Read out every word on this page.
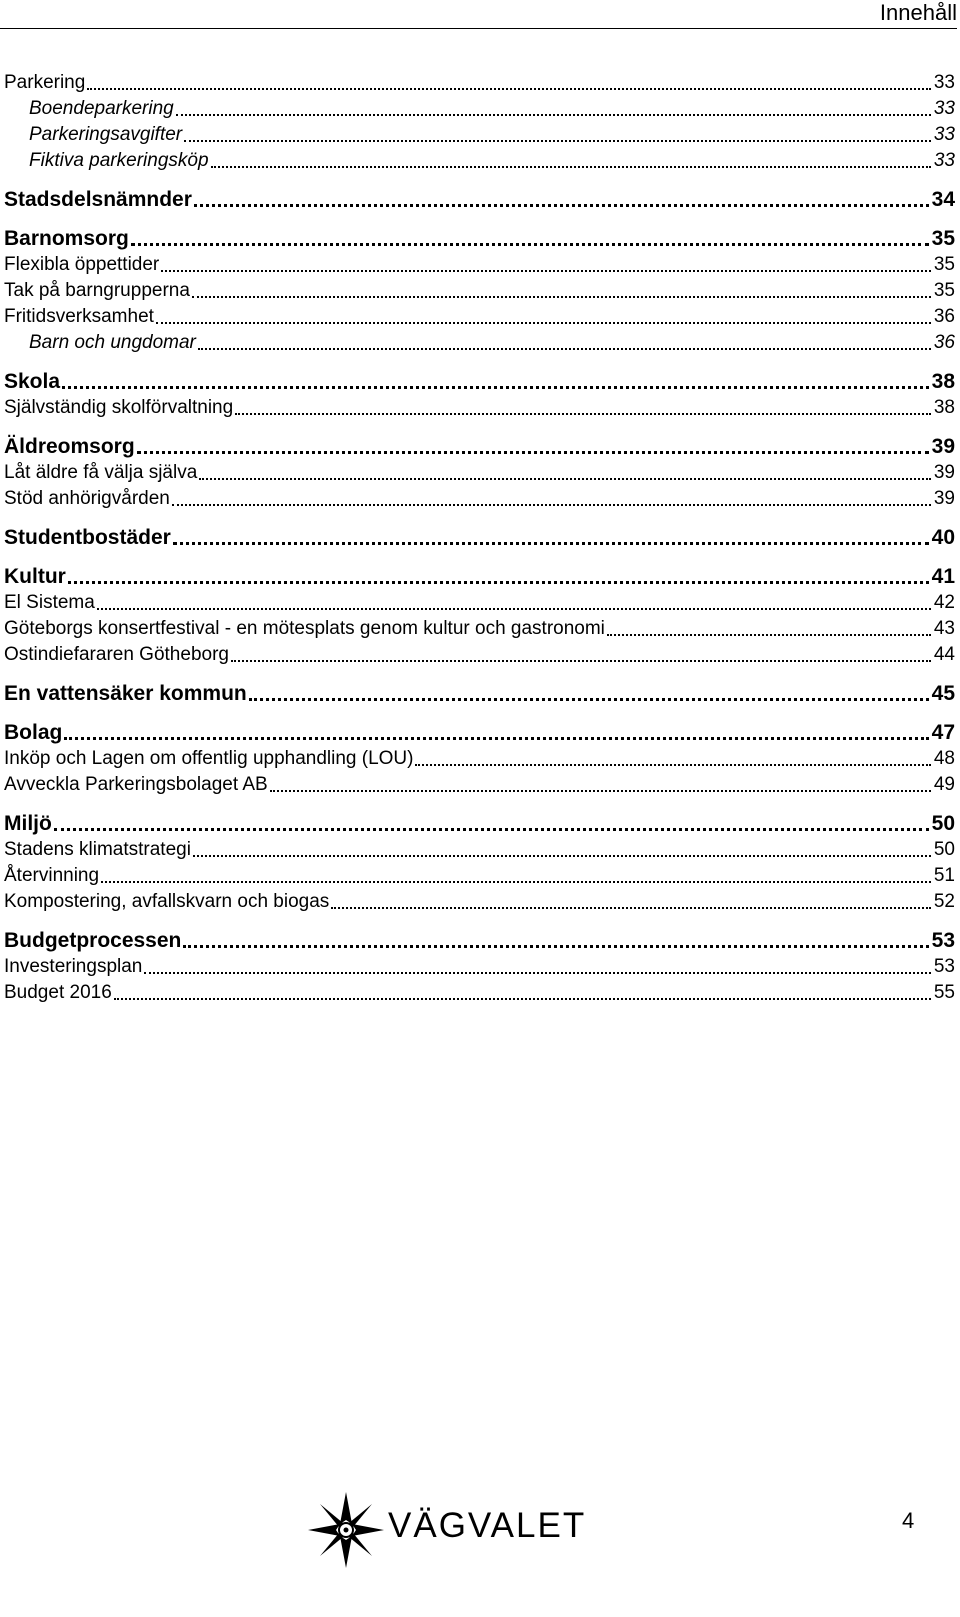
Innehåll
Parkering	33
Boendeparkering	33
Parkeringsavgifter	33
Fiktiva parkeringsköp	33
Stadsdelsnämnder	34
Barnomsorg	35
Flexibla öppettider	35
Tak på barngrupperna	35
Fritidsverksamhet	36
Barn och ungdomar	36
Skola	38
Självständig skolförvaltning	38
Äldreomsorg	39
Låt äldre få välja själva	39
Stöd anhörigvården	39
Studentbostäder	40
Kultur	41
El Sistema	42
Göteborgs konsertfestival - en mötesplats genom kultur och gastronomi	43
Ostindiefararen Götheborg	44
En vattensäker kommun	45
Bolag	47
Inköp och Lagen om offentlig upphandling (LOU)	48
Avveckla Parkeringsbolaget AB	49
Miljö	50
Stadens klimatstrategi	50
Återvinning	51
Kompostering, avfallskvarn och biogas	52
Budgetprocessen	53
Investeringsplan	53
Budget 2016	55
VÄGVALET	4
